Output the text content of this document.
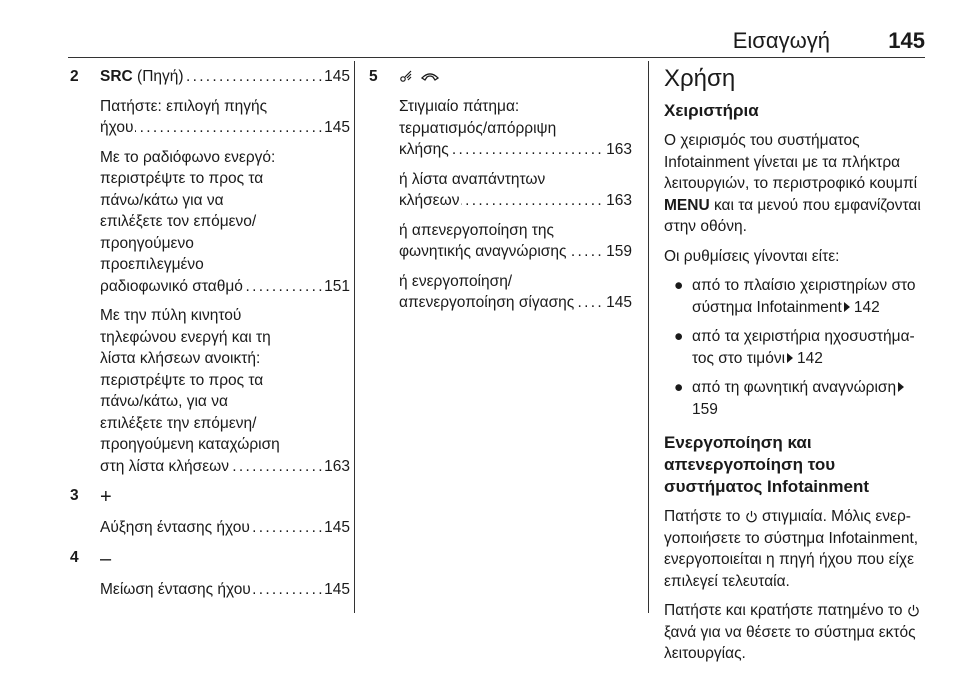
Εισαγωγή	145
2 SRC (Πηγή)	145
. . .
Πατήστε: επιλογή πηγής
ήχου	145
. . .
Με το ραδιόφωνο ενεργό:
περιστρέψτε το προς τα
πάνω/κάτω για να
επιλέξετε τον επόμενο/
προηγούμενο
προεπιλεγμένο
ραδιοφωνικό σταθμό	151
. . .
Με την πύλη κινητού
τηλεφώνου ενεργή και τη
λίστα κλήσεων ανοικτή:
περιστρέψτε το προς τα
πάνω/κάτω, για να
επιλέξετε την επόμενη/
προηγούμενη καταχώριση
στη λίστα κλήσεων	163
. . .
3 +
Αύξηση έντασης ήχου	145
. . .
4 –
Μείωση έντασης ήχου	145
. . .
5

Στιγμιαίο πάτημα:
τερματισμός/απόρριψη
κλήσης	163
. . .
ή λίστα αναπάντητων
κλήσεων	163
. . .
ή απενεργοποίηση της
φωνητικής αναγνώρισης	159
. . .
ή ενεργοποίηση/
απενεργοποίηση σίγασης 145
. . .
Χρήση
Χειριστήρια
Ο χειρισμός του συστήματος Infotainment γίνεται με τα πλήκτρα λειτουργιών, το περιστροφικό κουμπί MENU και τα μενού που εμφανίζονται στην οθόνη.
Οι ρυθμίσεις γίνονται είτε:
● από το πλαίσιο χειριστηρίων στο σύστημα Infotainment 142
● από τα χειριστήρια ηχοσυστήμα-τος στο τιμόνι 142
● από τη φωνητική αναγνώριση159
Ενεργοποίηση και απενεργοποίηση του συστήματος Infotainment
Πατήστε το  στιγμιαία. Μόλις ενερ-γοποιήσετε το σύστημα Infotainment, ενεργοποιείται η πηγή ήχου που είχε επιλεγεί τελευταία.
Πατήστε και κρατήστε πατημένο το  ξανά για να θέσετε το σύστημα εκτός λειτουργίας.
